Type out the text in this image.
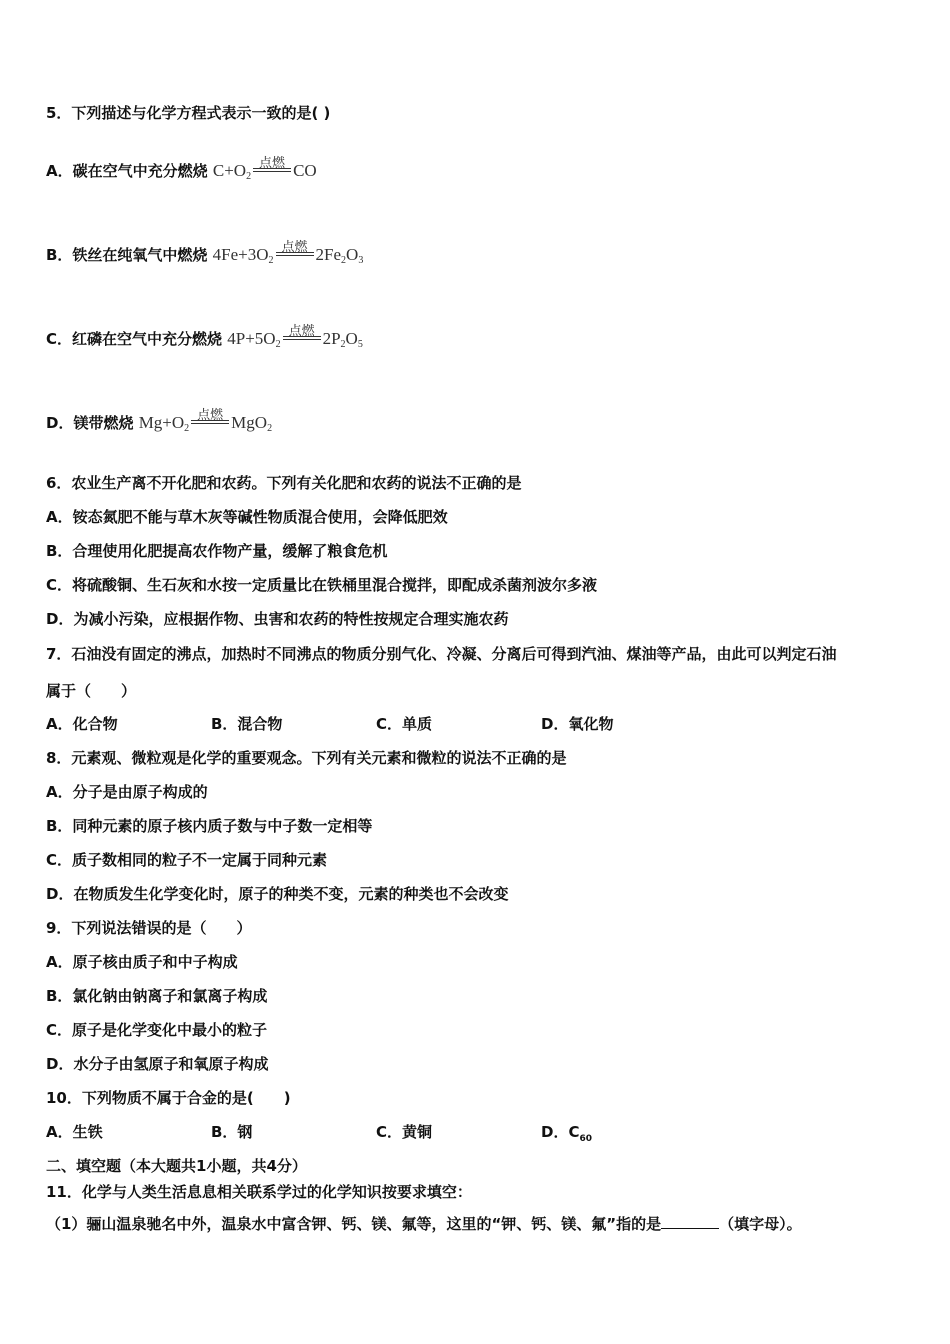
5．下列描述与化学方程式表示一致的是( )
A．碳在空气中充分燃烧 $C+O_2$
点燃 CO
B．铁丝在纯氧气中燃烧 $4Fe+3O_2$
点燃 $2Fe_2O_3$
C．红磷在空气中充分燃烧 $4P+5O_2$
点燃 $2P_2O_5$
D．镁带燃烧 $Mg+O_2$
点燃 MgO$_2$
6．农业生产离不开化肥和农药。下列有关化肥和农药的说法不正确的是
A．铵态氮肥不能与草木灰等碱性物质混合使用，会降低肥效
B．合理使用化肥提高农作物产量，缓解了粮食危机
C．将硫酸铜、生石灰和水按一定质量比在铁桶里混合搅拌，即配成杀菌剂波尔多液
D．为减小污染，应根据作物、虫害和农药的特性按规定合理实施农药
7．石油没有固定的沸点，加热时不同沸点的物质分别气化、冷凝、分离后可得到汽油、煤油等产品，由此可以判定石油
属于（　　）
A．化合物	B．混合物	C．单质	D．氧化物
8．元素观、微粒观是化学的重要观念。下列有关元素和微粒的说法不正确的是
A．分子是由原子构成的
B．同种元素的原子核内质子数与中子数一定相等
C．质子数相同的粒子不一定属于同种元素
D．在物质发生化学变化时，原子的种类不变，元素的种类也不会改变
9．下列说法错误的是（　　）
A．原子核由质子和中子构成
B．氯化钠由钠离子和氯离子构成
C．原子是化学变化中最小的粒子
D．水分子由氢原子和氧原子构成
10．下列物质不属于合金的是(　　)
A．生铁	B．钢	C．黄铜	D．$C_{60}$
二、填空题（本大题共1小题，共4分）
11．化学与人类生活息息相关联系学过的化学知识按要求填空：
（1）骊山温泉驰名中外，温泉水中富含钾、钙、镁、氟等，这里的“钾、钙、镁、氟”指的是	（填字母）。
